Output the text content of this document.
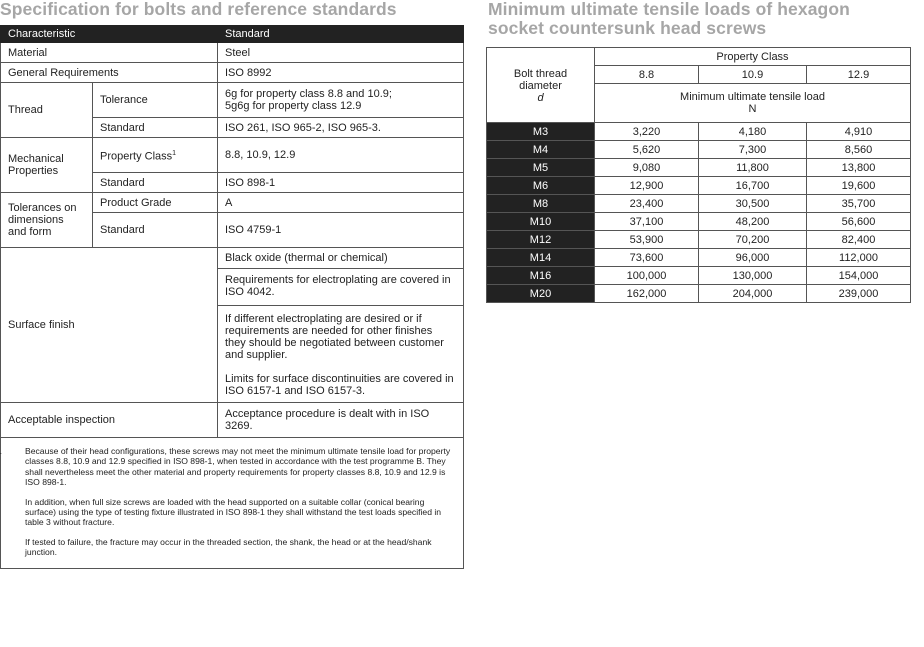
Specification for bolts and reference standards
Characteristic		Standard
Material		Steel
General Requirements		ISO 8992
Thread	Tolerance	6g for property class 8.8 and 10.9;

5g6g for property class 12.9

	Standard	ISO 261, ISO 965-2, ISO 965-3.
Mechanical Properties	Property Class$^1$	8.8, 10.9, 12.9
	Standard	ISO 898-1
Tolerances on dimensions and form	Product Grade	A
	Standard	ISO 4759-1
Surface finish		Black oxide (thermal or chemical)
Requirements for electroplating are covered in ISO 4042.
If different electroplating are desired or if requirements are needed for other finishes they should be negotiated between customer and supplier.
Limits for surface discontinuities are covered in ISO 6157-1 and ISO 6157-3.

Acceptable inspection		Acceptance procedure is dealt with in ISO 3269.

Because of their head configurations, these screws may not meet the minimum ultimate tensile load for property classes 8.8, 10.9 and 12.9 specified in ISO 898-1, when tested in accordance with the test programme B. They shall nevertheless meet the other material and property requirements for property classes 8.8, 10.9 and 12.9 is ISO 898-1.

In addition, when full size screws are loaded with the head supported on a suitable collar (conical bearing surface) using the type of testing fixture illustrated in ISO 898-1 they shall withstand the test loads specified in table 3 without fracture.

If tested to failure, the fracture may occur in the threaded section, the shank, the head or at the head/shank junction.		

Minimum ultimate tensile loads of hexagon socket countersunk head screws
Bolt thread diameter
d	Property Class		
	8.8	10.9	12.9

	Minimum ultimate tensile load
N		

M3	3,220	4,180	4,910
M4	5,620	7,300	8,560
M5	9,080	11,800	13,800
M6	12,900	16,700	19,600
M8	23,400	30,500	35,700
M10	37,100	48,200	56,600
M12	53,900	70,200	82,400
M14	73,600	96,000	112,000
M16	100,000	130,000	154,000
M20	162,000	204,000	239,000
